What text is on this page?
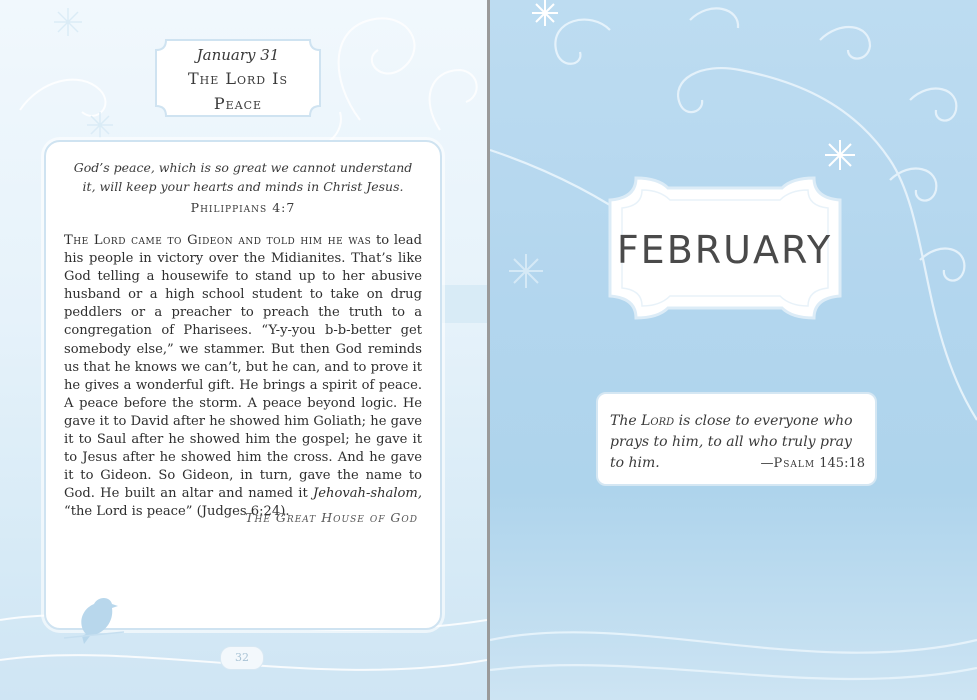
January 31
The Lord Is
Peace
God’s peace, which is so great we cannot understand
it, will keep your hearts and minds in Christ Jesus.
Philippians 4:7
The Lord came to Gideon and told him he was to lead his people in victory over the Midianites. That’s like God telling a housewife to stand up to her abusive husband or a high school student to take on drug peddlers or a preacher to preach the truth to a congregation of Pharisees. “Y-y-you b-b-better get somebody else,” we stammer. But then God reminds us that he knows we can’t, but he can, and to prove it he gives a wonderful gift. He brings a spirit of peace. A peace before the storm. A peace beyond logic. He gave it to David after he showed him Goliath; he gave it to Saul after he showed him the gospel; he gave it to Jesus after he showed him the cross. And he gave it to Gideon. So Gideon, in turn, gave the name to God. He built an altar and named it Jehovah-shalom, “the Lord is peace” (Judges 6:24).
The Great House of God
32
FEBRUARY
The Lord is close to everyone who prays to him, to all who truly pray to him.	—Psalm 145:18
